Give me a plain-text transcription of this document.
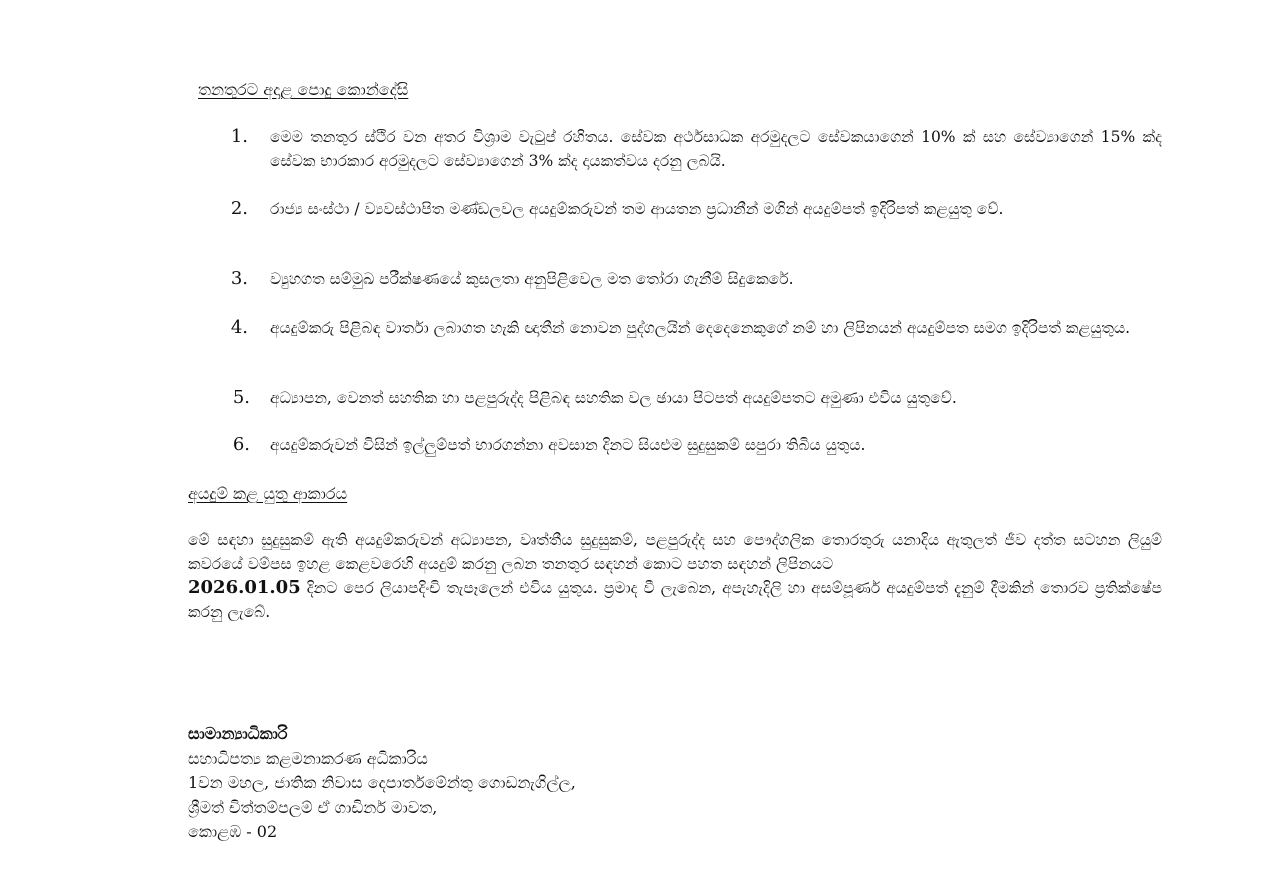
තනතුරට අදාළ පොදු කොන්දේසි
1. මෙම තනතුර ස්ථිර වන අතර විශ්‍රාම වැටුප් රහිතය. සේවක අර්ථසාධක අරමුදලට සේවකයාගෙන් 10% ක් සහ සේව්‍යාගෙන් 15% ක්ද සේවක භාරකාර අරමුදලට සේව්‍යාගෙන් 3% ක්ද දායකත්වය දරනු ලබයි.
2. රාජ්‍ය සංස්ථා / ව්‍යවස්ථාපිත මණ්ඩලවල අයදුම්කරුවන් තම ආයතන ප්‍රධානීන් මගින් අයදුම්පත් ඉදිරිපත් කළයුතු වේ.
3. ව්‍යුහගත සම්මුඛ පරීක්ෂණයේ කුසලතා අනුපිළිවෙල මත තෝරා ගැනීම් සිදුකෙරේ.
4. අයදුම්කරු පිළිබඳ වාර්තා ලබාගත හැකි ඥාතීන් නොවන පුද්ගලයින් දෙදෙනෙකුගේ නම් හා ලිපිනයන් අයදුම්පත සමග ඉදිරිපත් කළයුතුය.
5. අධ්‍යාපන, වෙනත් සහතික හා පළපුරුද්ද පිළිබඳ සහතික වල ඡායා පිටපත් අයදුම්පතට අමුණා එවිය යුතුවේ.
6. අයදුම්කරුවන් විසින් ඉල්ලුම්පත් භාරගන්නා අවසාන දිනට සියළුම සුදුසුකම් සපුරා තිබිය යුතුය.
අයදුම් කළ යුතු ආකාරය

මේ සඳහා සුදුසුකම් ඇති අයදුම්කරුවන් අධ්‍යාපන, වෘත්තීය සුදුසුකම්, පළපුරුද්ද සහ පෞද්ගලික තොරතුරු යනාදිය ඇතුලත් ජීව දත්ත සටහන ලියුම් කවරයේ වම්පස ඉහළ කෙළවරෙහි අයදුම් කරනු ලබන තනතුර සඳහන් කොට පහත සඳහන් ලිපිනයට
2026.01.05 දිනට පෙර ලියාපදිංචි තැපෑලෙන් එවිය යුතුය. ප්‍රමාද වී ලැබෙන, අපැහැදිලි හා අසම්පූර්ණ අයදුම්පත් දැනුම් දීමකින් තොරව ප්‍රතික්ෂේප කරනු ලැබේ.

සාමාන්‍යාධිකාරි
සහාධිපත්‍ය කළමනාකරණ අධිකාරිය
1වන මහල, ජාතික නිවාස දෙපාර්තමේන්තු ගොඩනැගිල්ල,
ශ්‍රීමත් චිත්තම්පලම් ඒ ගාඩිනර් මාවත,
කොළඹ - 02
